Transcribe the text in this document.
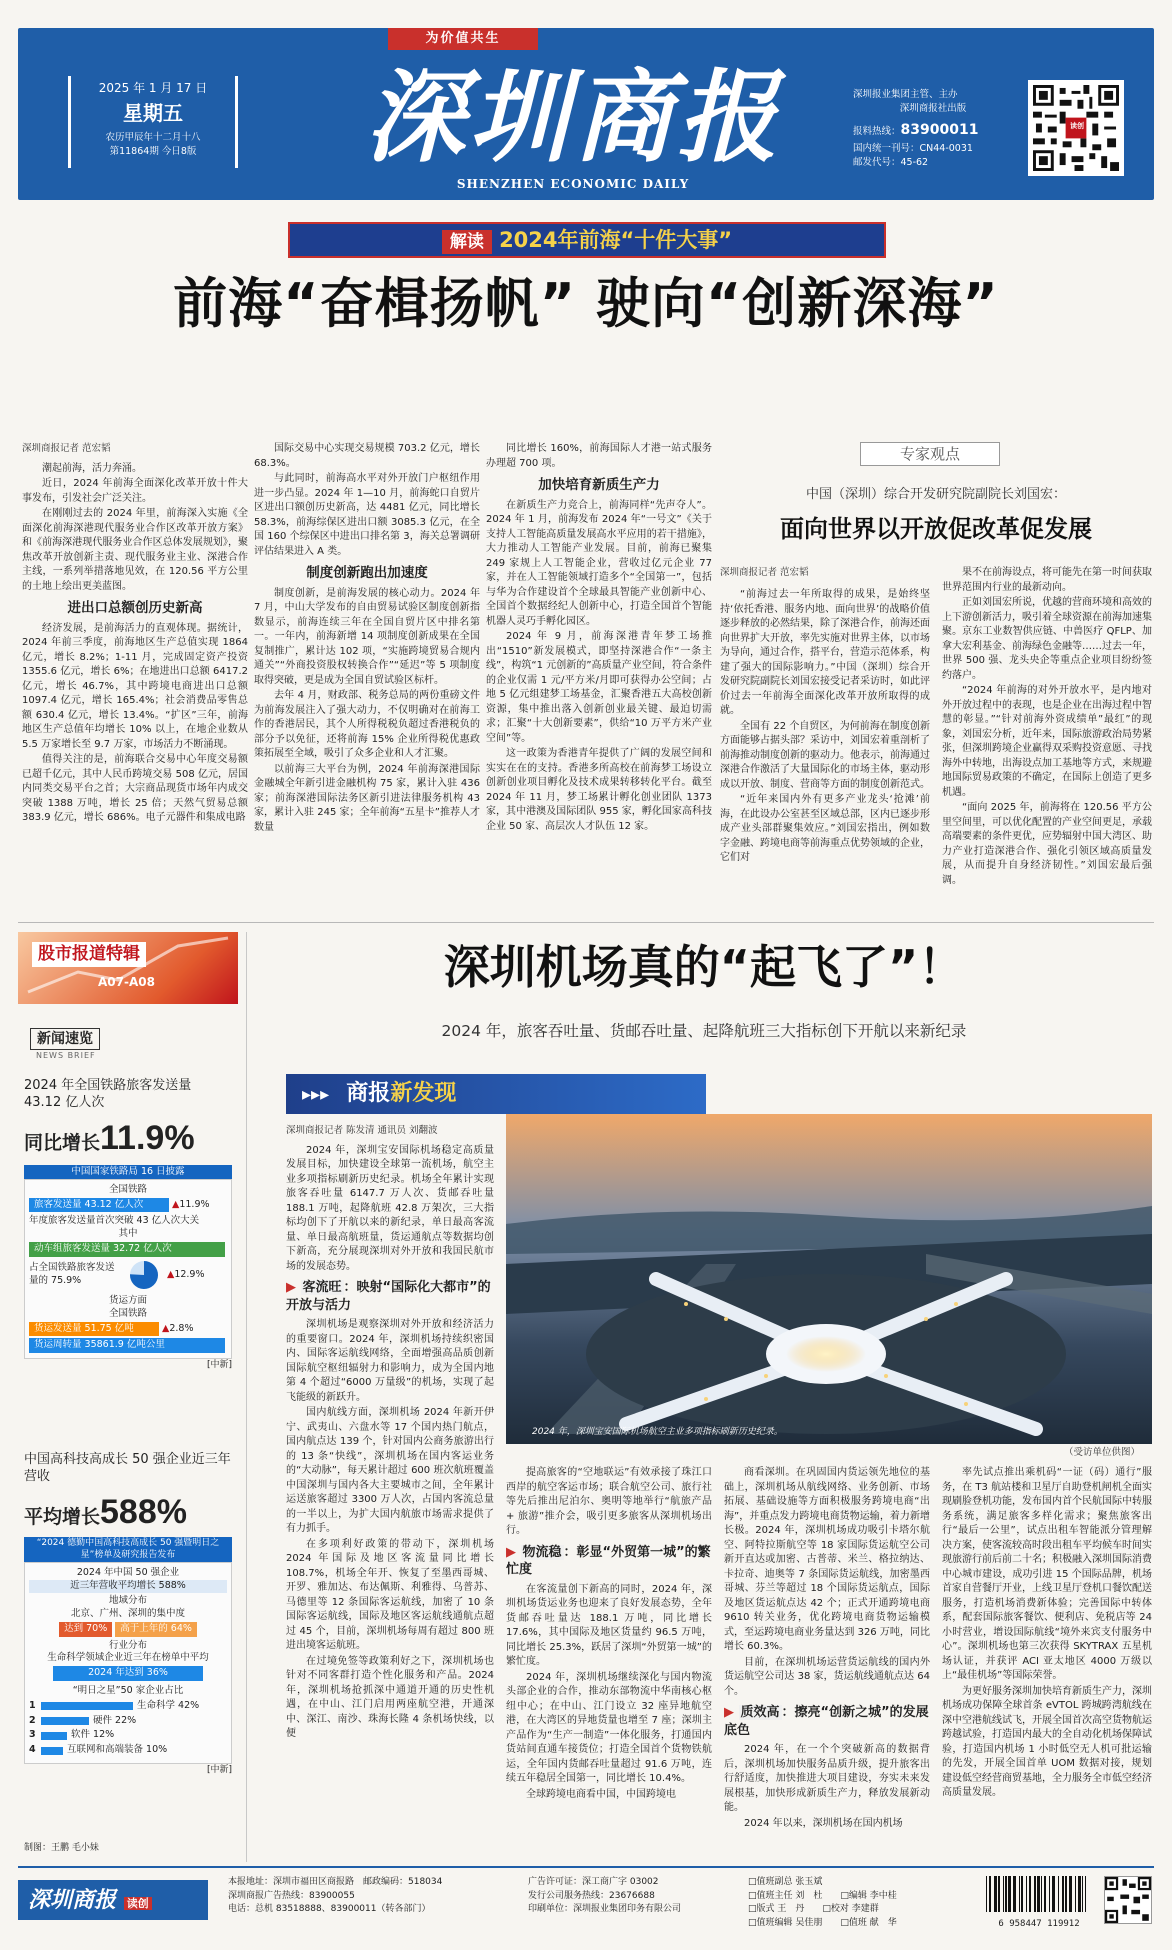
为价值共生
2025 年 1 月 17 日
星期五
农历甲辰年十二月十八
第11864期 今日8版	深圳商报
SHENZHEN ECONOMIC DAILY
深圳报业集团主管、主办
深圳商报社出版
报料热线：83900011
国内统一刊号：CN44-0031
邮发代号：45-62
读创
解读 2024年前海“十件大事”
前海“奋楫扬帆” 驶向“创新深海”
深圳商报记者 范宏韬

潮起前海，活力奔涌。

近日，2024 年前海全面深化改革开放十件大事发布，引发社会广泛关注。

在刚刚过去的 2024 年里，前海深入实施《全面深化前海深港现代服务业合作区改革开放方案》和《前海深港现代服务业合作区总体发展规划》，聚焦改革开放创新主责、现代服务业主业、深港合作主线，一系列举措落地见效，在 120.56 平方公里的土地上绘出更美蓝图。

进出口总额创历史新高

经济发展，是前海活力的直观体现。据统计，2024 年前三季度，前海地区生产总值实现 1864 亿元，增长 8.2%；1-11 月，完成固定资产投资 1355.6 亿元，增长 6%；在地进出口总额 6417.2 亿元，增长 46.7%，其中跨境电商进出口总额 1097.4 亿元，增长 165.4%；社会消费品零售总额 630.4 亿元，增长 13.4%。“扩区”三年，前海地区生产总值年均增长 10% 以上，在地企业数从 5.5 万家增长至 9.7 万家，市场活力不断涌现。

值得关注的是，前海联合交易中心年度交易额已超千亿元，其中人民币跨境交易 508 亿元，居国内同类交易平台之首；大宗商品现货市场年内成交突破 1388 万吨，增长 25 倍；天然气贸易总额 383.9 亿元，增长 686%。电子元器件和集成电路

国际交易中心实现交易规模 703.2 亿元，增长 68.3%。

与此同时，前海高水平对外开放门户枢纽作用进一步凸显。2024 年 1—10 月，前海蛇口自贸片区进出口额创历史新高，达 4481 亿元，同比增长 58.3%，前海综保区进出口额 3085.3 亿元，在全国 160 个综保区中进出口排名第 3，海关总署调研评估结果进入 A 类。

制度创新跑出加速度

制度创新，是前海发展的核心动力。2024 年 7 月，中山大学发布的自由贸易试验区制度创新指数显示，前海连续三年在全国自贸片区中排名第一。一年内，前海新增 14 项制度创新成果在全国复制推广，累计达 102 项，“实施跨境贸易合规内通关”“外商投资股权转换合作”“延迟”等 5 项制度取得突破，更是成为全国自贸试验区标杆。

去年 4 月，财政部、税务总局的两份重磅文件为前海发展注入了强大动力，不仅明确对在前海工作的香港居民，其个人所得税税负超过香港税负的部分予以免征，还将前海 15% 企业所得税优惠政策拓展至全域，吸引了众多企业和人才汇聚。

以前海三大平台为例，2024 年前海深港国际金融城全年新引进金融机构 75 家，累计入驻 436 家；前海深港国际法务区新引进法律服务机构 43 家，累计入驻 245 家；全年前海“五星卡”推荐人才数量

同比增长 160%，前海国际人才港一站式服务办理超 700 项。

加快培育新质生产力

在新质生产力竞合上，前海同样“先声夺人”。2024 年 1 月，前海发布 2024 年“一号文”《关于支持人工智能高质量发展高水平应用的若干措施》，大力推动人工智能产业发展。目前，前海已聚集 249 家规上人工智能企业，营收过亿元企业 77 家，并在人工智能领域打造多个“全国第一”，包括与华为合作建设首个全球最具智能产业创新中心、全国首个数据经纪人创新中心，打造全国首个智能机器人灵巧手孵化园区。

2024 年 9 月，前海深港青年梦工场推出“1510”新发展模式，即坚持深港合作“一条主线”，构筑“1 元创新的”高质量产业空间，符合条件的企业仅需 1 元/平方米/月即可获得办公空间；占地 5 亿元组建梦工场基金，汇聚香港五大高校创新资源，集中推出落入创新创业最关键、最迫切需求；汇聚“十大创新要素”，供给“10 万平方米产业空间”等。

这一政策为香港青年提供了广阔的发展空间和实实在在的支持。香港多所高校在前海梦工场设立创新创业项目孵化及技术成果转移转化平台。截至 2024 年 11 月，梦工场累计孵化创业团队 1373 家，其中港澳及国际团队 955 家，孵化国家高科技企业 50 家、高层次人才队伍 12 家。

专家观点
中国（深圳）综合开发研究院副院长刘国宏：
面向世界以开放促改革促发展
深圳商报记者 范宏韬

“前海过去一年所取得的成果，是始终坚持‘依托香港、服务内地、面向世界’的战略价值逐步释放的必然结果，除了深港合作，前海还面向世界扩大开放，率先实施对世界主体，以市场为导向，通过合作，搭平台，营造示范体系，构建了强大的国际影响力。”中国（深圳）综合开发研究院副院长刘国宏接受记者采访时，如此评价过去一年前海全面深化改革开放所取得的成就。

全国有 22 个自贸区，为何前海在制度创新方面能够占据头部？采访中，刘国宏着重剖析了前海推动制度创新的驱动力。他表示，前海通过深港合作激活了大量国际化的市场主体，驱动形成以开放、制度、营商等方面的制度创新范式。

“近年来国内外有更多产业龙头‘抢滩’前海，在此设办公室甚至区域总部，区内已逐步形成产业头部群聚集效应。”刘国宏指出，例如数字金融、跨境电商等前海重点优势领域的企业，它们对

果不在前海设点，将可能先在第一时间获取世界范围内行业的最新动向。

正如刘国宏所说，优越的营商环境和高效的上下游创新活力，吸引着全球资源在前海加速集聚。京东工业数智供应链、中兽医疗 QFLP、加拿大宏利基金、前海绿色金融等……过去一年，世界 500 强、龙头央企等重点企业项目纷纷签约落户。

“2024 年前海的对外开放水平，是内地对外开放过程中的表现，也是企业在出海过程中智慧的彰显。”“针对前海外资成绩单”最红”的现象，刘国宏分析，近年来，国际旅游政治局势紧张，但深圳跨境企业赢得双采购投资意愿、寻找海外中转地，出海设点加工基地等方式，来规避地国际贸易政策的不确定，在国际上创造了更多机遇。

“面向 2025 年，前海将在 120.56 平方公里空间里，可以优化配置的产业空间更足，承载高端要素的条件更优，应势辐射中国大湾区、助力产业打造深港合作、强化引领区域高质量发展，从而提升自身经济韧性。”刘国宏最后强调。

股市报道特辑
A07-A08
新闻速览
NEWS BRIEF
2024 年全国铁路旅客发送量 43.12 亿人次
同比增长11.9%
中国国家铁路局 16 日披露
全国铁路
旅客发送量 43.12 亿人次	▲11.9%
年度旅客发送量首次突破 43 亿人次大关
其中
动车组旅客发送量 32.72 亿人次
占全国铁路旅客发送量的 75.9%
▲ 12.9%
货运方面
全国铁路
货运发送量 51.75 亿吨	▲2.8%
货运周转量 35861.9 亿吨公里
[中新]
中国高科技高成长 50 强企业近三年营收
平均增长588%
“2024 德勤中国高科技高成长 50 强暨明日之星”榜单及研究报告发布
2024 年中国 50 强企业
近三年营收平均增长 588%
地域分布
北京、广州、深圳的集中度
达到 70% 高于上年的 64%
行业分布
生命科学领域企业近三年在榜单中平均
2024 年达到 36%
“明日之星”50 家企业占比
1	生命科学 42%
2	硬件 22%
3	软件 12%
4	互联网和高端装备 10%
[中新]
制图：王鹏 毛小妹
深圳机场真的“起飞了”！
2024 年，旅客吞吐量、货邮吞吐量、起降航班三大指标创下开航以来新纪录
▸▸▸ 商报新发现
2024 年，深圳宝安国际机场航空主业多项指标刷新历史纪录。
（受访单位供图）
深圳商报记者 陈发清 通讯员 刘翻波

2024 年，深圳宝安国际机场稳定高质量发展目标，加快建设全球第一流机场，航空主业多项指标刷新历史纪录。机场全年累计实现旅客吞吐量 6147.7 万人次、货邮吞吐量 188.1 万吨，起降航班 42.8 万架次，三大指标均创下了开航以来的新纪录，单日最高客流量、单日最高航班量，货运通航点等数据均创下新高，充分展现深圳对外开放和我国民航市场的发展态势。

▶ 客流旺 ：映射“国际化大都市”的开放与活力

深圳机场是观察深圳对外开放和经济活力的重要窗口。2024 年，深圳机场持续织密国内、国际客运航线网络，全面增强高品质创新国际航空枢纽辐射力和影响力，成为全国内地第 4 个超过“6000 万量级”的机场，实现了起飞能级的新跃升。

国内航线方面，深圳机场 2024 年新开伊宁、武夷山、六盘水等 17 个国内热门航点，国内航点达 139 个，针对国内公商务旅游出行的 13 条“快线”，深圳机场在国内客运业务的“大动脉”，每天累计超过 600 班次航班覆盖中国深圳与国内各大主要城市之间，全年累计运送旅客超过 3300 万人次，占国内客流总量的一半以上，为扩大国内航旅市场需求提供了有力抓手。

在多项利好政策的带动下，深圳机场 2024 年国际及地区客流量同比增长 108.7%，机场全年开、恢复了至墨西哥城、开罗、雅加达、布达佩斯、利雅得、乌普苏、马德里等 12 条国际客运航线，加密了 10 条国际客运航线，国际及地区客运航线通航点超过 45 个，目前，深圳机场每周有超过 800 班进出境客运航班。

在过境免签等政策利好之下，深圳机场也针对不同客群打造个性化服务和产品。2024 年，深圳机场抢抓深中通道开通的历史性机遇，在中山、江门启用两座航空港，开通深中、深江、南沙、珠海长隆 4 条机场快线，以便

提高旅客的“空地联运”有效承接了珠江口西岸的航空客运市场；联合航空公司、旅行社等先后推出尼泊尔、奥明等地举行“航旅产品 + 旅游”推介会，吸引更多旅客从深圳机场出行。

▶ 物流稳 ：彰显“外贸第一城”的繁忙度

在客流量创下新高的同时，2024 年，深圳机场货运业务也迎来了良好发展态势，全年货邮吞吐量达 188.1 万吨，同比增长 17.6%，其中国际及地区货量约 96.5 万吨，同比增长 25.3%，跃居了深圳“外贸第一城”的繁忙度。

2024 年，深圳机场继续深化与国内物流头部企业的合作，推动东部物流中华南核心枢纽中心；在中山、江门设立 32 座异地航空港，在大湾区的异地货量也增至 7 座；深圳主产品作为“生产一制造”一体化服务，打通国内货站间直通车接货位；打造全国首个货物铁航运，全年国内货邮吞吐量超过 91.6 万吨，连续五年稳居全国第一，同比增长 10.4%。

全球跨境电商看中国，中国跨境电

商看深圳。在巩固国内货运领先地位的基础上，深圳机场从航线网络、业务创新、市场拓展、基础设施等方面积极服务跨境电商“出海”，并重点发力跨境电商货物运输，着力新增长极。2024 年，深圳机场成功吸引卡塔尔航空、阿特拉斯航空等 18 家国际货运航空公司新开直达或加密、古普蒂、米兰、格拉纳达、卡拉奇、迪奥等 7 条国际货运航线，加密墨西哥城、芬兰等超过 18 个国际货运航点，国际及地区货运航点达 42 个；正式开通跨境电商 9610 转关业务，优化跨境电商货物运输模式，至运跨境电商业务量达到 326 万吨，同比增长 60.3%。

目前，在深圳机场运营货运航线的国内外货运航空公司达 38 家，货运航线通航点达 64 个。

▶ 质效高 ：擦亮“创新之城”的发展底色

2024 年，在一个个突破新高的数据背后，深圳机场加快服务品质升级，提升旅客出行舒适度，加快推进大项目建设，夯实未来发展根基，加快形成新质生产力，释放发展新动能。

2024 年以来，深圳机场在国内机场

率先试点推出乘机码“一证（码）通行”服务，在 T3 航站楼和卫星厅自助登机闸机全面实现刷脸登机功能，发布国内首个民航国际中转服务系统，满足旅客多样化需求；聚焦旅客出行“最后一公里”，试点出租车智能派分管理解决方案，使客流较高时段出租车平均候车时间实现旅游行前后前二十名；积极融入深圳国际消费中心城市建设，成功引进 15 个国际品牌，机场首家自营餐厅开业，上线卫星厅登机口餐饮配送服务，打造机场消费新体验；完善国际中转体系，配套国际旅客餐饮、便利店、免税店等 24 小时营业，增设国际航线“境外来宾支付服务中心”。深圳机场也第三次获得 SKYTRAX 五星机场认证，并获评 ACI 亚太地区 4000 万级以上“最佳机场”等国际荣誉。

为更好服务深圳加快培育新质生产力，深圳机场成功保障全球首条 eVTOL 跨城跨湾航线在深中空港航线试飞，开展全国首次高空货物航运跨越试验，打造国内最大的全自动化机场保障试验，打造国内机场 1 小时低空无人机可批运输的先发，开展全国首单 UOM 数据对接，规划建设低空经营商贸基地，全力服务全市低空经济高质量发展。

深圳商报 读创

本报地址：深圳市福田区商报路　邮政编码：518034

深圳商报广告热线：83900055

电话：总机 83518888、83900011（转各部门）

广告许可证：深工商广字 03002

发行公司服务热线：23676688

印刷单位：深圳报业集团印务有限公司

□值班副总 张玉斌

□值班主任 刘　杜　　□编辑 李中桂

□版式 王　丹　　□校对 李建群

□值班编辑 吴佳朋　　□值班 献　华	6 958447 119912
